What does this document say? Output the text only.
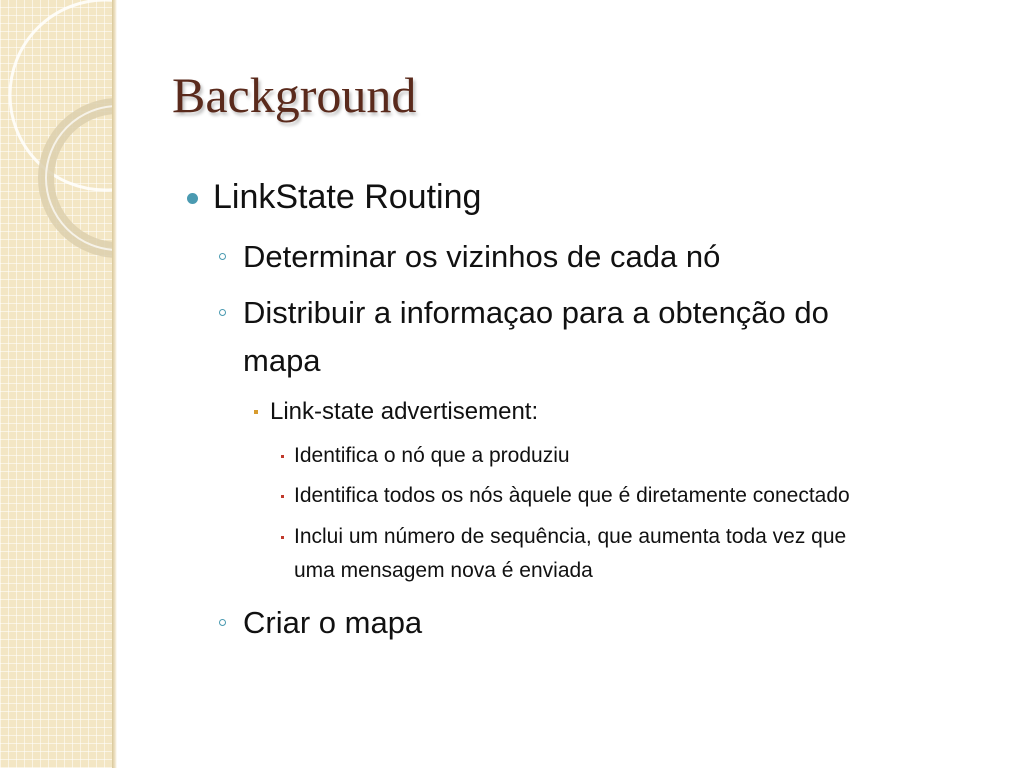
Background
LinkState Routing
Determinar os vizinhos de cada nó
Distribuir a informaçao para a obtenção do
mapa
Link-state advertisement:
Identifica o nó que a produziu
Identifica todos os nós àquele que é diretamente conectado
Inclui um número de sequência, que aumenta toda vez que
uma mensagem nova é enviada
Criar o mapa
